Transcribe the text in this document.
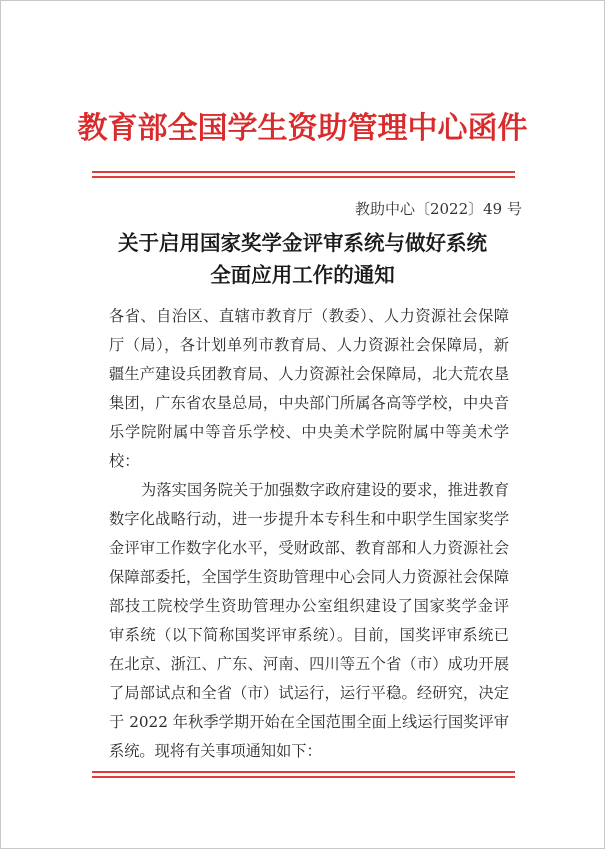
教育部全国学生资助管理中心函件
教助中心〔2022〕49 号
关于启用国家奖学金评审系统与做好系统
全面应用工作的通知
各省、自治区、直辖市教育厅（教委）、人力资源社会保障
厅（局），各计划单列市教育局、人力资源社会保障局，新
疆生产建设兵团教育局、人力资源社会保障局，北大荒农垦
集团，广东省农垦总局，中央部门所属各高等学校，中央音
乐学院附属中等音乐学校、中央美术学院附属中等美术学
校：
为落实国务院关于加强数字政府建设的要求，推进教育
数字化战略行动，进一步提升本专科生和中职学生国家奖学
金评审工作数字化水平，受财政部、教育部和人力资源社会
保障部委托，全国学生资助管理中心会同人力资源社会保障
部技工院校学生资助管理办公室组织建设了国家奖学金评
审系统（以下简称国奖评审系统）。目前，国奖评审系统已
在北京、浙江、广东、河南、四川等五个省（市）成功开展
了局部试点和全省（市）试运行，运行平稳。经研究，决定
于 2022 年秋季学期开始在全国范围全面上线运行国奖评审
系统。现将有关事项通知如下：
